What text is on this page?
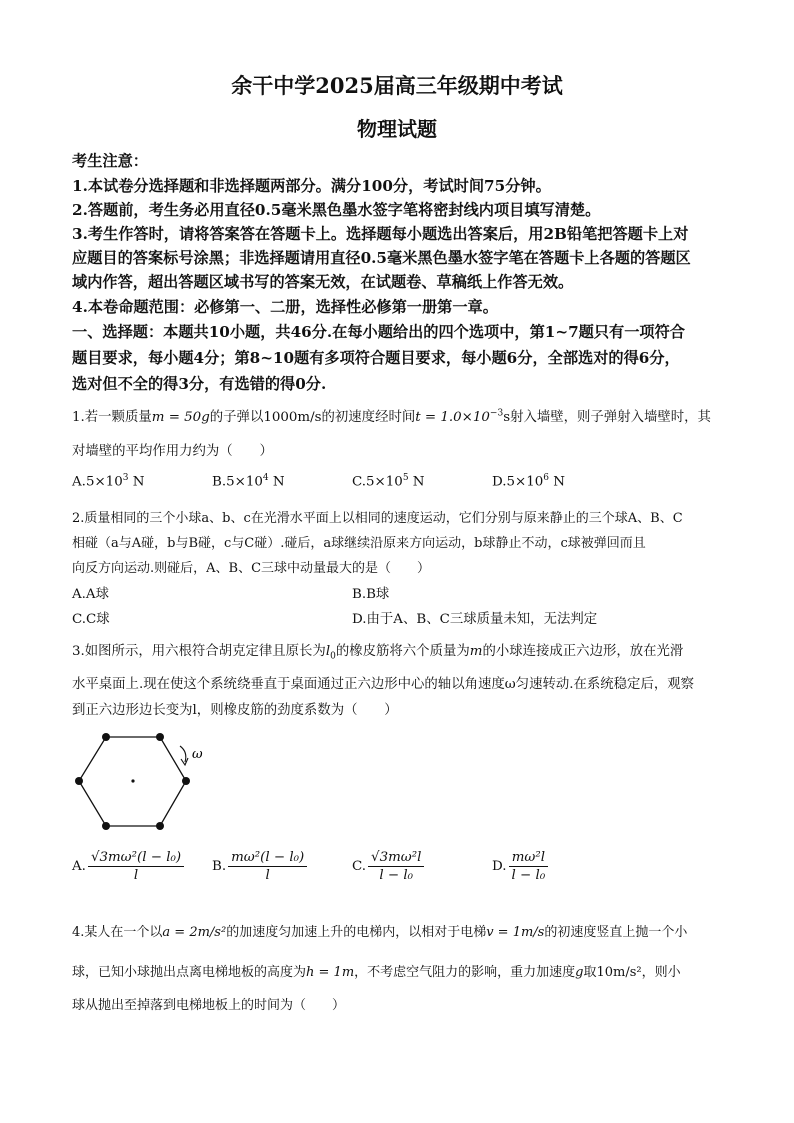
余干中学2025届高三年级期中考试
物理试题
考生注意：
1.本试卷分选择题和非选择题两部分。满分100分，考试时间75分钟。
2.答题前，考生务必用直径0.5毫米黑色墨水签字笔将密封线内项目填写清楚。
3.考生作答时，请将答案答在答题卡上。选择题每小题选出答案后，用2B铅笔把答题卡上对
应题目的答案标号涂黑；非选择题请用直径0.5毫米黑色墨水签字笔在答题卡上各题的答题区
域内作答，超出答题区域书写的答案无效，在试题卷、草稿纸上作答无效。
4.本卷命题范围：必修第一、二册，选择性必修第一册第一章。
一、选择题：本题共10小题，共46分.在每小题给出的四个选项中，第1~7题只有一项符合
题目要求，每小题4分；第8~10题有多项符合题目要求，每小题6分，全部选对的得6分，
选对但不全的得3分，有选错的得0分.
1.若一颗质量m = 50g的子弹以1000m/s的初速度经时间$t = 1.0\times 10^{-3}s$射入墙壁，则子弹射入墙壁时，其
对墙壁的平均作用力约为（　　）
$A.5\times 10^3$ N	$B.5\times 10^4$ N	$C.5\times 10^5$ N	$D.5\times 10^6$ N
2.质量相同的三个小球a、b、c在光滑水平面上以相同的速度运动，它们分别与原来静止的三个球A、B、C
相碰（a与A碰，b与B碰，c与C碰）.碰后，a球继续沿原来方向运动，b球静止不动，c球被弹回而且
向反方向运动.则碰后，A、B、C三球中动量最大的是（　　）
A.A球	B.B球
C.C球	D.由于A、B、C三球质量未知，无法判定
3.如图所示，用六根符合胡克定律且原长为$l_0$的橡皮筋将六个质量为m的小球连接成正六边形，放在光滑
水平桌面上.现在使这个系统绕垂直于桌面通过正六边形中心的轴以角速度ω匀速转动.在系统稳定后，观察
到正六边形边长变为l，则橡皮筋的劲度系数为（　　）
ω
A. $\frac{\text{√3mω²(l − l₀)}}{l} B$. $\frac{\text{mω²(l − l₀)}}{l}$	C. $\frac{\text{√3mω²l}}{\text{l − l₀}}$	D. $\frac{\text{mω²l}}{\text{l − l₀}}$
4.某人在一个以a = 2m/s²的加速度匀加速上升的电梯内，以相对于电梯v = 1m/s的初速度竖直上抛一个小
球，已知小球抛出点离电梯地板的高度为h = 1m，不考虑空气阻力的影响，重力加速度g取10m/s²，则小
球从抛出至掉落到电梯地板上的时间为（　　）
